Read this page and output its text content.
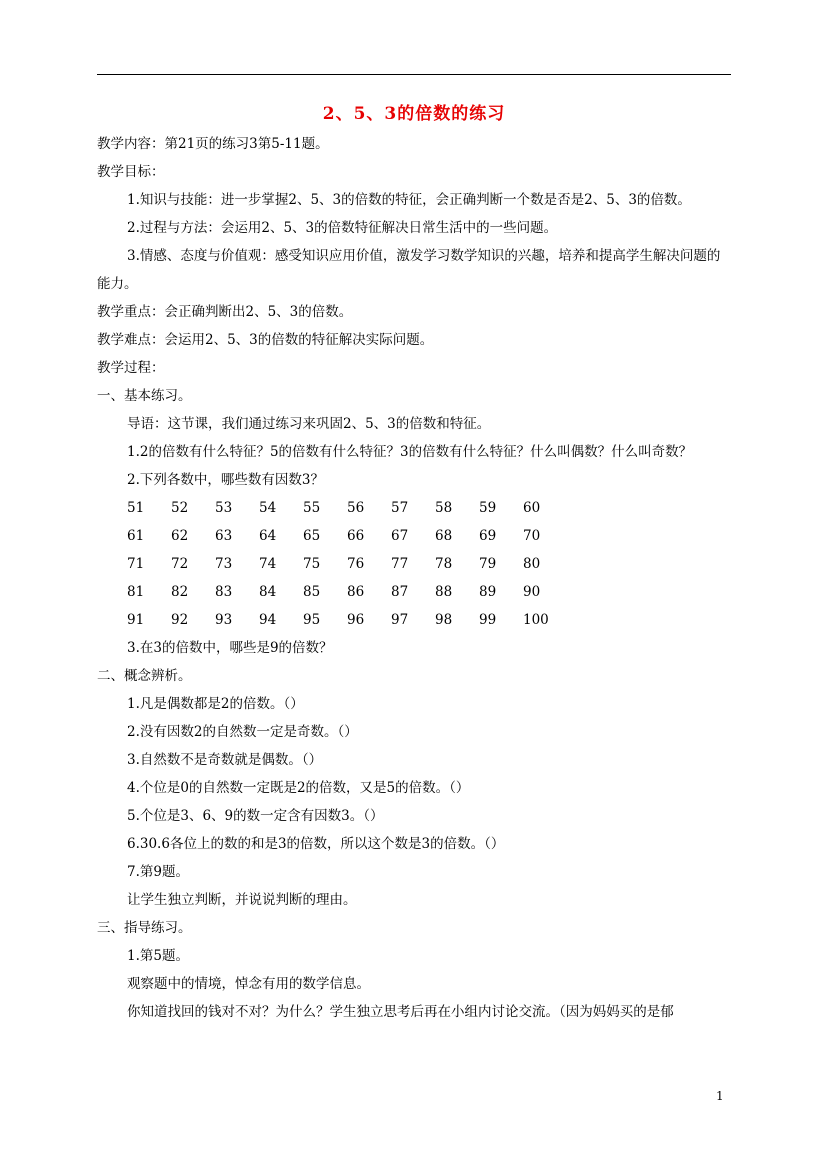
2、5、3的倍数的练习

教学内容：第21页的练习3第5-11题。

教学目标：

1.知识与技能：进一步掌握2、5、3的倍数的特征，会正确判断一个数是否是2、5、3的倍数。

2.过程与方法：会运用2、5、3的倍数特征解决日常生活中的一些问题。

3.情感、态度与价值观：感受知识应用价值，激发学习数学知识的兴趣，培养和提高学生解决问题的能力。

教学重点：会正确判断出2、5、3的倍数。

教学难点：会运用2、5、3的倍数的特征解决实际问题。

教学过程：

一、基本练习。

导语：这节课，我们通过练习来巩固2、5、3的倍数和特征。

1.2的倍数有什么特征？5的倍数有什么特征？3的倍数有什么特征？什么叫偶数？什么叫奇数？

2.下列各数中，哪些数有因数3？

51	52	53	54	55	56	57	58	59	60
61	62	63	64	65	66	67	68	69	70
71	72	73	74	75	76	77	78	79	80
81	82	83	84	85	86	87	88	89	90
91	92	93	94	95	96	97	98	99	100

3.在3的倍数中，哪些是9的倍数？

二、概念辨析。

1.凡是偶数都是2的倍数。（）

2.没有因数2的自然数一定是奇数。（）

3.自然数不是奇数就是偶数。（）

4.个位是0的自然数一定既是2的倍数，又是5的倍数。（）

5.个位是3、6、9的数一定含有因数3。（）

6.30.6各位上的数的和是3的倍数，所以这个数是3的倍数。（）

7.第9题。

让学生独立判断，并说说判断的理由。

三、指导练习。

1.第5题。

观察题中的情境，悼念有用的数学信息。

你知道找回的钱对不对？为什么？学生独立思考后再在小组内讨论交流。（因为妈妈买的是郁

1
